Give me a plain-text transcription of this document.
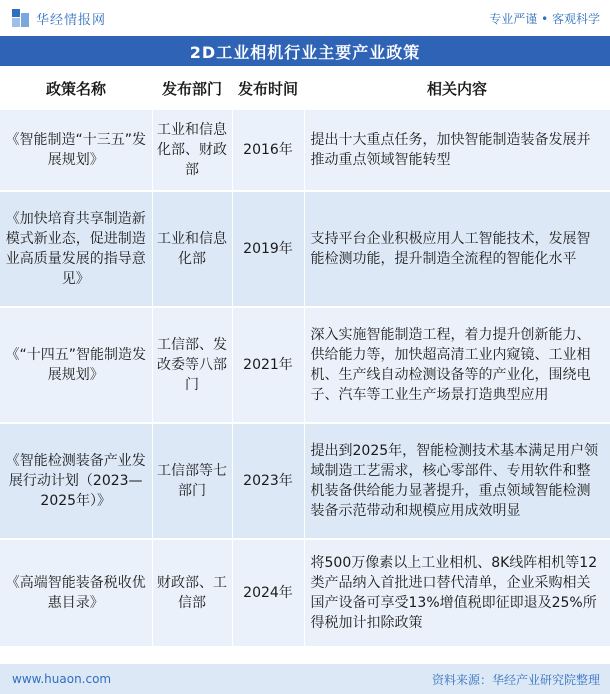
华经情报网	专业严谨 • 客观科学
2D工业相机行业主要产业政策
政策名称	发布部门	发布时间	相关内容
《智能制造“十三五”发展规划》	工业和信息化部、财政部	2016年	提出十大重点任务，加快智能制造装备发展并推动重点领域智能转型

《加快培育共享制造新模式新业态，促进制造业高质量发展的指导意见》	工业和信息化部	2019年	支持平台企业积极应用人工智能技术，发展智能检测功能，提升制造全流程的智能化水平

《“十四五”智能制造发展规划》	工信部、发改委等八部门	2021年	深入实施智能制造工程，着力提升创新能力、供给能力等，加快超高清工业内窥镜、工业相机、生产线自动检测设备等的产业化，围绕电子、汽车等工业生产场景打造典型应用

《智能检测装备产业发展行动计划（2023—2025年）》	工信部等七部门	2023年	提出到2025年，智能检测技术基本满足用户领域制造工艺需求，核心零部件、专用软件和整机装备供给能力显著提升，重点领域智能检测装备示范带动和规模应用成效明显

《高端智能装备税收优惠目录》	财政部、工信部	2024年	将500万像素以上工业相机、8K线阵相机等12类产品纳入首批进口替代清单，企业采购相关国产设备可享受13%增值税即征即退及25%所得税加计扣除政策
www.huaon.com	资料来源：华经产业研究院整理
